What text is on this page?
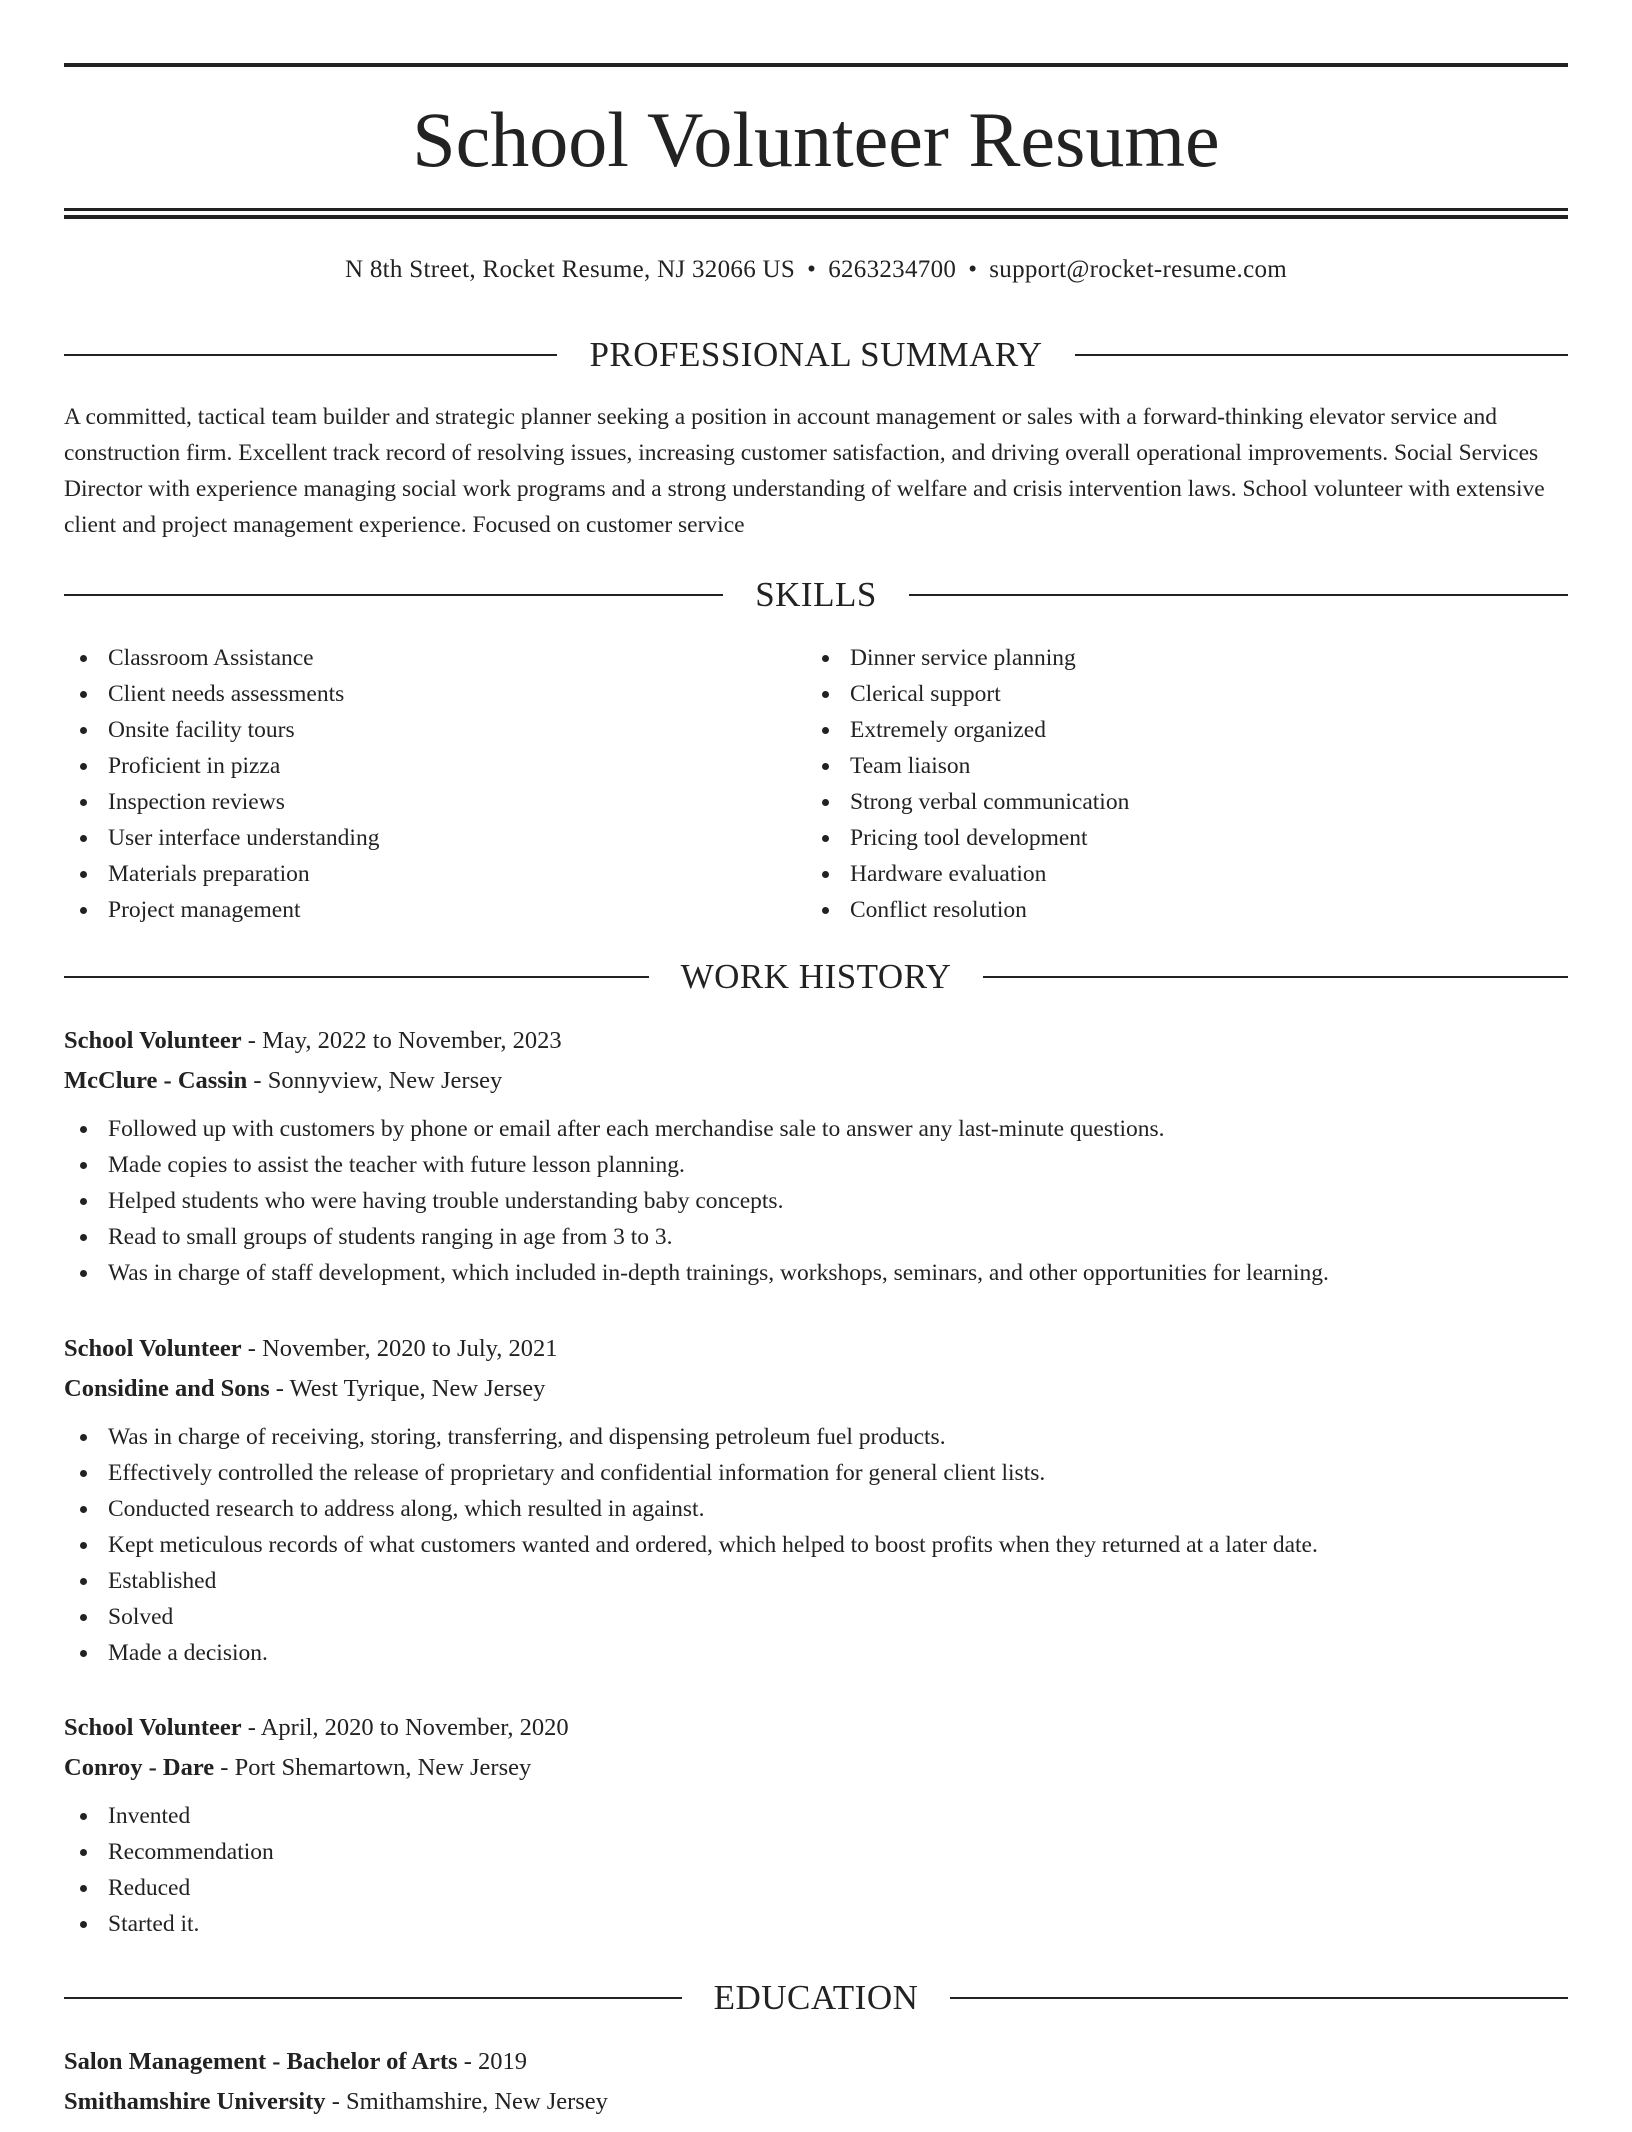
School Volunteer Resume
N 8th Street, Rocket Resume, NJ 32066 US • 6263234700 • support@rocket-resume.com
PROFESSIONAL SUMMARY

A committed, tactical team builder and strategic planner seeking a position in account management or sales with a forward-thinking elevator service and construction firm. Excellent track record of resolving issues, increasing customer satisfaction, and driving overall operational improvements. Social Services Director with experience managing social work programs and a strong understanding of welfare and crisis intervention laws. School volunteer with extensive client and project management experience. Focused on customer service

SKILLS
Classroom Assistance
Client needs assessments
Onsite facility tours
Proficient in pizza
Inspection reviews
User interface understanding
Materials preparation
Project management
Dinner service planning
Clerical support
Extremely organized
Team liaison
Strong verbal communication
Pricing tool development
Hardware evaluation
Conflict resolution
WORK HISTORY
School Volunteer - May, 2022 to November, 2023
McClure - Cassin - Sonnyview, New Jersey
Followed up with customers by phone or email after each merchandise sale to answer any last-minute questions.
Made copies to assist the teacher with future lesson planning.
Helped students who were having trouble understanding baby concepts.
Read to small groups of students ranging in age from 3 to 3.
Was in charge of staff development, which included in-depth trainings, workshops, seminars, and other opportunities for learning.
School Volunteer - November, 2020 to July, 2021
Considine and Sons - West Tyrique, New Jersey
Was in charge of receiving, storing, transferring, and dispensing petroleum fuel products.
Effectively controlled the release of proprietary and confidential information for general client lists.
Conducted research to address along, which resulted in against.
Kept meticulous records of what customers wanted and ordered, which helped to boost profits when they returned at a later date.
Established
Solved
Made a decision.
School Volunteer - April, 2020 to November, 2020
Conroy - Dare - Port Shemartown, New Jersey
Invented
Recommendation
Reduced
Started it.
EDUCATION
Salon Management - Bachelor of Arts - 2019
Smithamshire University - Smithamshire, New Jersey
